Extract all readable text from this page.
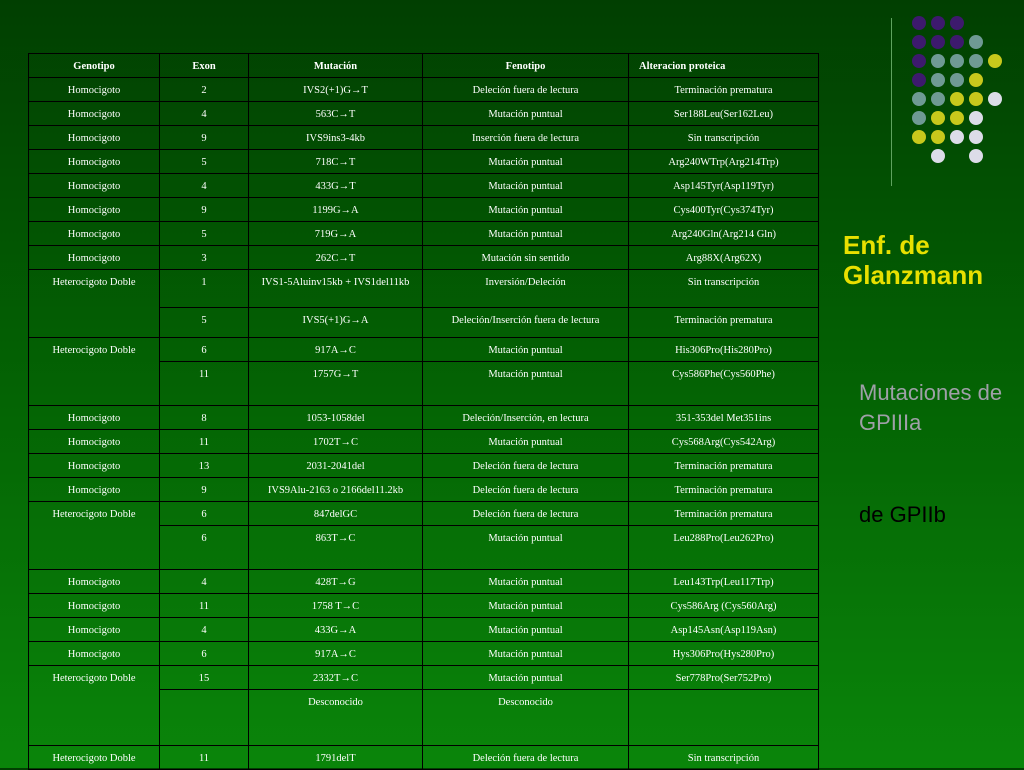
Genotipo	Exon	Mutación	Fenotipo	Alteracion proteica
Homocigoto	2	IVS2(+1)G→T	Deleción fuera de lectura	Terminación prematura
Homocigoto	4	563C→T	Mutación puntual	Ser188Leu(Ser162Leu)
Homocigoto	9	IVS9ins3-4kb	Inserción fuera de lectura	Sin transcripción
Homocigoto	5	718C→T	Mutación puntual	Arg240WTrp(Arg214Trp)
Homocigoto	4	433G→T	Mutación puntual	Asp145Tyr(Asp119Tyr)
Homocigoto	9	1199G→A	Mutación puntual	Cys400Tyr(Cys374Tyr)
Homocigoto	5	719G→A	Mutación puntual	Arg240Gln(Arg214 Gln)
Homocigoto	3	262C→T	Mutación sin sentido	Arg88X(Arg62X)
Heterocigoto Doble	1	IVS1-5Aluinv15kb + IVS1del11kb	Inversión/Deleción	Sin transcripción
	5	IVS5(+1)G→A	Deleción/Inserción fuera de lectura	Terminación prematura
Heterocigoto Doble	6	917A→C	Mutación puntual	His306Pro(His280Pro)
	11	1757G→T	Mutación puntual	Cys586Phe(Cys560Phe)
Homocigoto	8	1053-1058del	Deleción/Inserción, en lectura	351-353del Met351ins
Homocigoto	11	1702T→C	Mutación puntual	Cys568Arg(Cys542Arg)
Homocigoto	13	2031-2041del	Deleción fuera de lectura	Terminación prematura
Homocigoto	9	IVS9Alu-2163 o 2166del11.2kb	Deleción fuera de lectura	Terminación prematura
Heterocigoto Doble	6	847delGC	Deleción fuera de lectura	Terminación prematura
	6	863T→C	Mutación puntual	Leu288Pro(Leu262Pro)
Homocigoto	4	428T→G	Mutación puntual	Leu143Trp(Leu117Trp)
Homocigoto	11	1758 T→C	Mutación puntual	Cys586Arg (Cys560Arg)
Homocigoto	4	433G→A	Mutación puntual	Asp145Asn(Asp119Asn)
Homocigoto	6	917A→C	Mutación puntual	Hys306Pro(Hys280Pro)
Heterocigoto Doble	15	2332T→C	Mutación puntual	Ser778Pro(Ser752Pro)
		Desconocido	Desconocido	
Heterocigoto Doble	11	1791delT	Deleción fuera de lectura	Sin transcripción
Enf. de Glanzmann
Mutaciones de GPIIIa
de GPIIb
